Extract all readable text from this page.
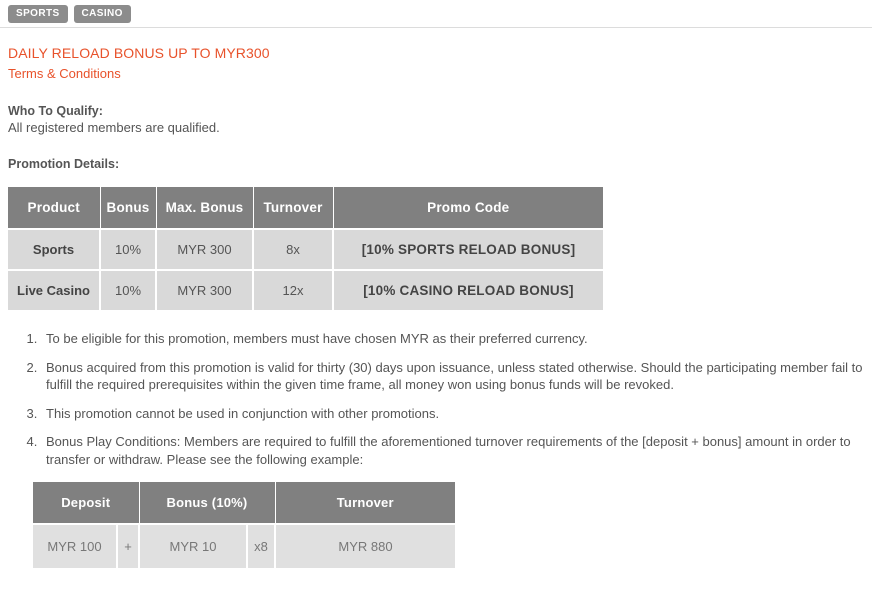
SPORTS	CASINO
DAILY RELOAD BONUS UP TO MYR300
Terms & Conditions
Who To Qualify:
All registered members are qualified.
Promotion Details:
Product	Bonus	Max. Bonus	Turnover	Promo Code
Sports	10%	MYR 300	8x	[10% SPORTS RELOAD BONUS]
Live Casino	10%	MYR 300	12x	[10% CASINO RELOAD BONUS]
1. To be eligible for this promotion, members must have chosen MYR as their preferred currency.
2. Bonus acquired from this promotion is valid for thirty (30) days upon issuance, unless stated otherwise. Should the participating member fail to fulfill the required prerequisites within the given time frame, all money won using bonus funds will be revoked.
3. This promotion cannot be used in conjunction with other promotions.
4. Bonus Play Conditions: Members are required to fulfill the aforementioned turnover requirements of the [deposit + bonus] amount in order to transfer or withdraw. Please see the following example:
Deposit		Bonus (10%)		Turnover
MYR 100	+	MYR 10	x8	MYR 880
